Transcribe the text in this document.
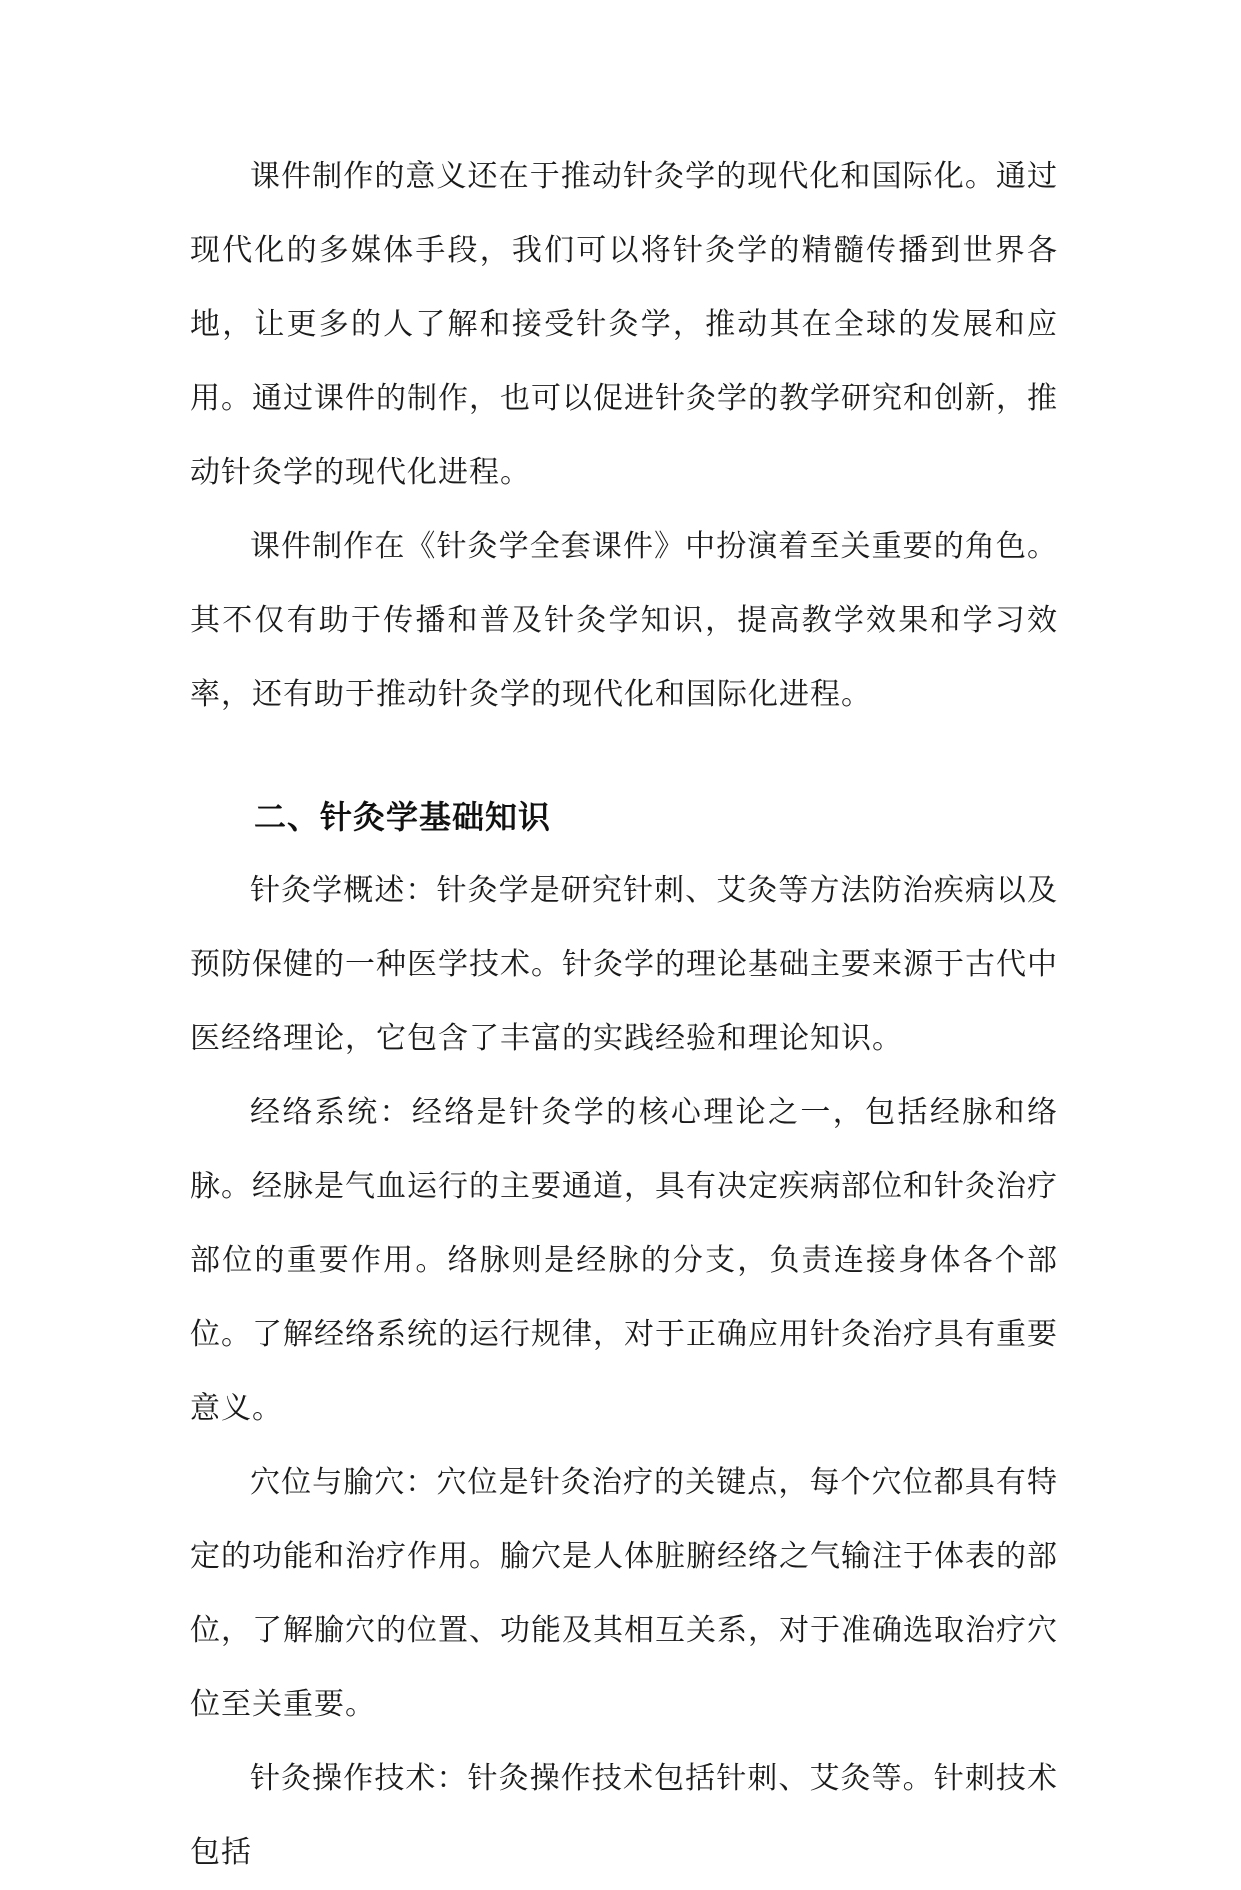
课件制作的意义还在于推动针灸学的现代化和国际化。通过现代化的多媒体手段，我们可以将针灸学的精髓传播到世界各地，让更多的人了解和接受针灸学，推动其在全球的发展和应用。通过课件的制作，也可以促进针灸学的教学研究和创新，推动针灸学的现代化进程。

课件制作在《针灸学全套课件》中扮演着至关重要的角色。其不仅有助于传播和普及针灸学知识，提高教学效果和学习效率，还有助于推动针灸学的现代化和国际化进程。

二、针灸学基础知识

针灸学概述：针灸学是研究针刺、艾灸等方法防治疾病以及预防保健的一种医学技术。针灸学的理论基础主要来源于古代中医经络理论，它包含了丰富的实践经验和理论知识。

经络系统：经络是针灸学的核心理论之一，包括经脉和络脉。经脉是气血运行的主要通道，具有决定疾病部位和针灸治疗部位的重要作用。络脉则是经脉的分支，负责连接身体各个部位。了解经络系统的运行规律，对于正确应用针灸治疗具有重要意义。

穴位与腧穴：穴位是针灸治疗的关键点，每个穴位都具有特定的功能和治疗作用。腧穴是人体脏腑经络之气输注于体表的部位，了解腧穴的位置、功能及其相互关系，对于准确选取治疗穴位至关重要。

针灸操作技术：针灸操作技术包括针刺、艾灸等。针刺技术包括
